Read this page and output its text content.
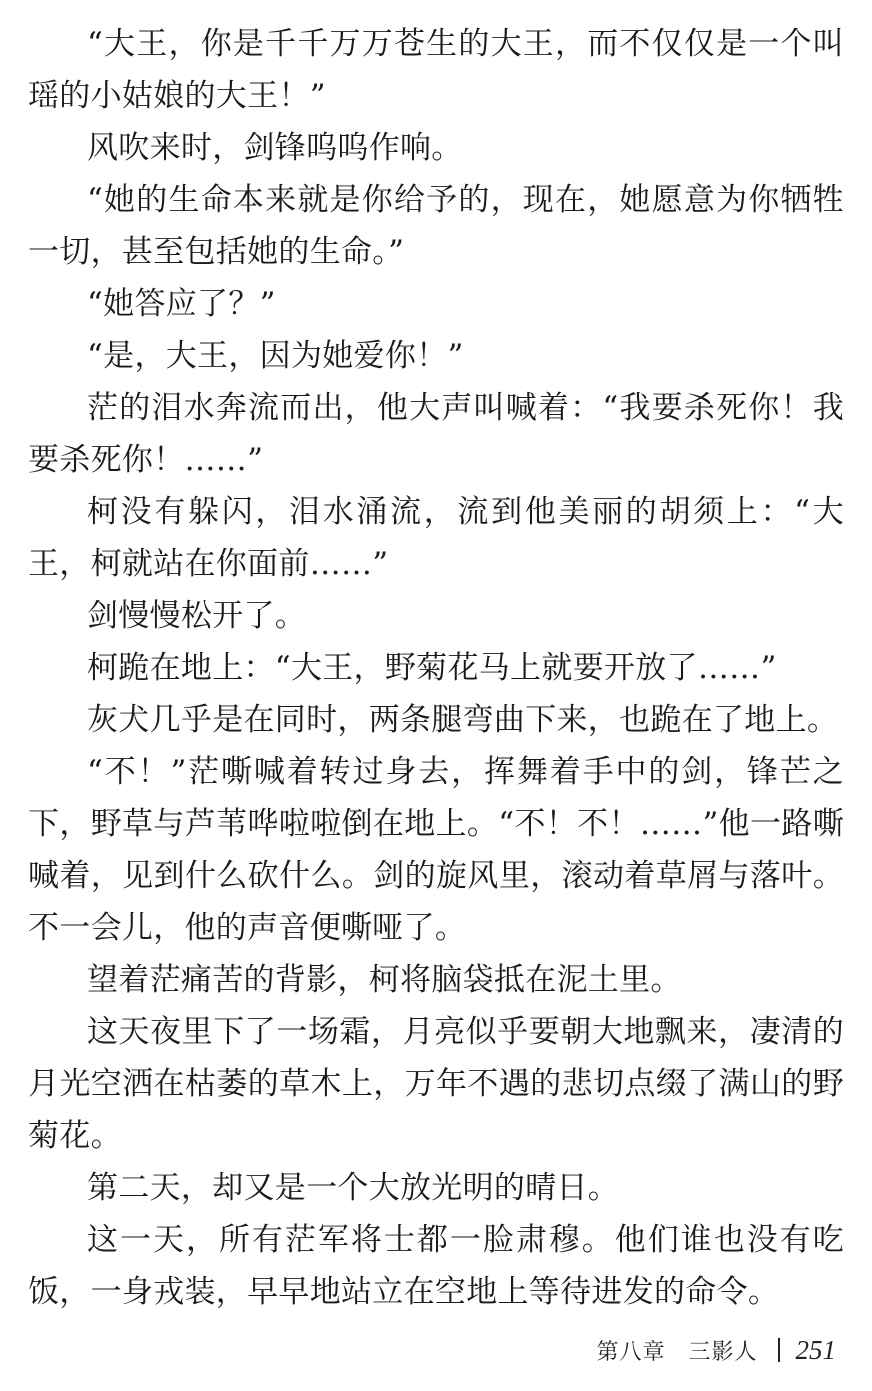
“大王，你是千千万万苍生的大王，而不仅仅是一个叫瑶的小姑娘的大王！”

风吹来时，剑锋呜呜作响。

“她的生命本来就是你给予的，现在，她愿意为你牺牲一切，甚至包括她的生命。”

“她答应了？”

“是，大王，因为她爱你！”

茫的泪水奔流而出，他大声叫喊着：“我要杀死你！我要杀死你！……”

柯没有躲闪，泪水涌流，流到他美丽的胡须上：“大王，柯就站在你面前……”

剑慢慢松开了。

柯跪在地上：“大王，野菊花马上就要开放了……”

灰犬几乎是在同时，两条腿弯曲下来，也跪在了地上。

“不！”茫嘶喊着转过身去，挥舞着手中的剑，锋芒之下，野草与芦苇哗啦啦倒在地上。“不！不！……”他一路嘶喊着，见到什么砍什么。剑的旋风里，滚动着草屑与落叶。不一会儿，他的声音便嘶哑了。

望着茫痛苦的背影，柯将脑袋抵在泥土里。

这天夜里下了一场霜，月亮似乎要朝大地飘来，凄清的月光空洒在枯萎的草木上，万年不遇的悲切点缀了满山的野菊花。

第二天，却又是一个大放光明的晴日。

这一天，所有茫军将士都一脸肃穆。他们谁也没有吃饭，一身戎装，早早地站立在空地上等待进发的命令。

第八章　三影人 251
